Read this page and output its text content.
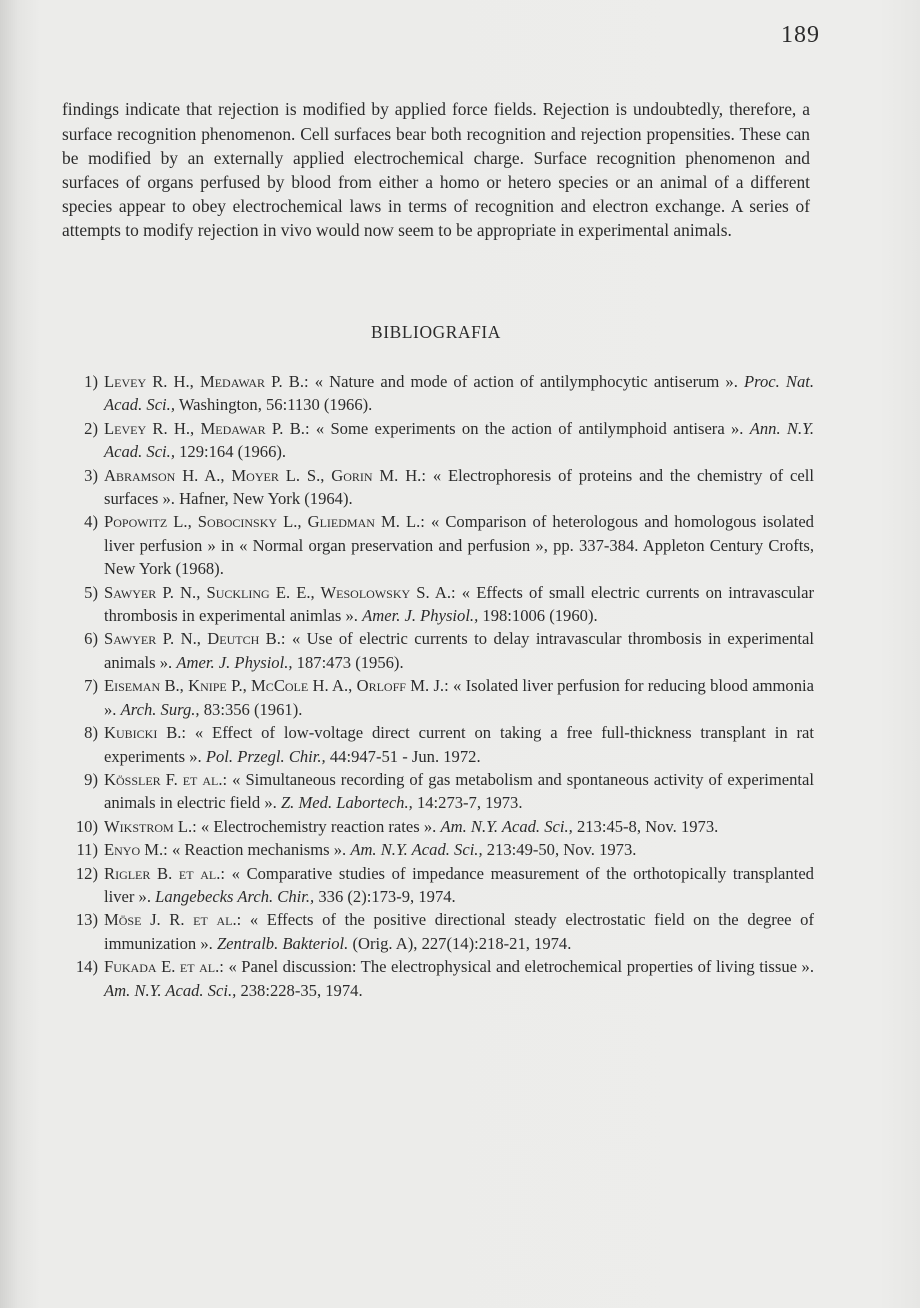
189

findings indicate that rejection is modified by applied force fields. Rejection is undoubtedly, therefore, a surface recognition phenomenon. Cell surfaces bear both recognition and rejection propensities. These can be modified by an externally applied electrochemical charge. Surface recognition phenomenon and surfaces of organs perfused by blood from either a homo or hetero species or an animal of a different species appear to obey electrochemical laws in terms of recognition and electron exchange. A series of attempts to modify rejection in vivo would now seem to be appropriate in experimental animals.

BIBLIOGRAFIA
1) Levey R. H., Medawar P. B.: « Nature and mode of action of antilymphocytic antiserum ». Proc. Nat. Acad. Sci., Washington, 56:1130 (1966).
2) Levey R. H., Medawar P. B.: « Some experiments on the action of antilymphoid antisera ». Ann. N.Y. Acad. Sci., 129:164 (1966).
3) Abramson H. A., Moyer L. S., Gorin M. H.: « Electrophoresis of proteins and the chemistry of cell surfaces ». Hafner, New York (1964).
4) Popowitz L., Sobocinsky L., Gliedman M. L.: « Comparison of heterologous and homologous isolated liver perfusion » in « Normal organ preservation and perfusion », pp. 337-384. Appleton Century Crofts, New York (1968).
5) Sawyer P. N., Suckling E. E., Wesolowsky S. A.: « Effects of small electric currents on intravascular thrombosis in experimental animlas ». Amer. J. Physiol., 198:1006 (1960).
6) Sawyer P. N., Deutch B.: « Use of electric currents to delay intravascular thrombosis in experimental animals ». Amer. J. Physiol., 187:473 (1956).
7) Eiseman B., Knipe P., McCole H. A., Orloff M. J.: « Isolated liver perfusion for reducing blood ammonia ». Arch. Surg., 83:356 (1961).
8) Kubicki B.: « Effect of low-voltage direct current on taking a free full-thickness transplant in rat experiments ». Pol. Przegl. Chir., 44:947-51 - Jun. 1972.
9) Kössler F. et al.: « Simultaneous recording of gas metabolism and spontaneous activity of experimental animals in electric field ». Z. Med. Labortech., 14:273-7, 1973.
10) Wikstrom L.: « Electrochemistry reaction rates ». Am. N.Y. Acad. Sci., 213:45-8, Nov. 1973.
11) Enyo M.: « Reaction mechanisms ». Am. N.Y. Acad. Sci., 213:49-50, Nov. 1973.
12) Rigler B. et al.: « Comparative studies of impedance measurement of the orthotopically transplanted liver ». Langebecks Arch. Chir., 336 (2):173-9, 1974.
13) Möse J. R. et al.: « Effects of the positive directional steady electrostatic field on the degree of immunization ». Zentralb. Bakteriol. (Orig. A), 227(14):218-21, 1974.
14) Fukada E. et al.: « Panel discussion: The electrophysical and eletrochemical properties of living tissue ». Am. N.Y. Acad. Sci., 238:228-35, 1974.
